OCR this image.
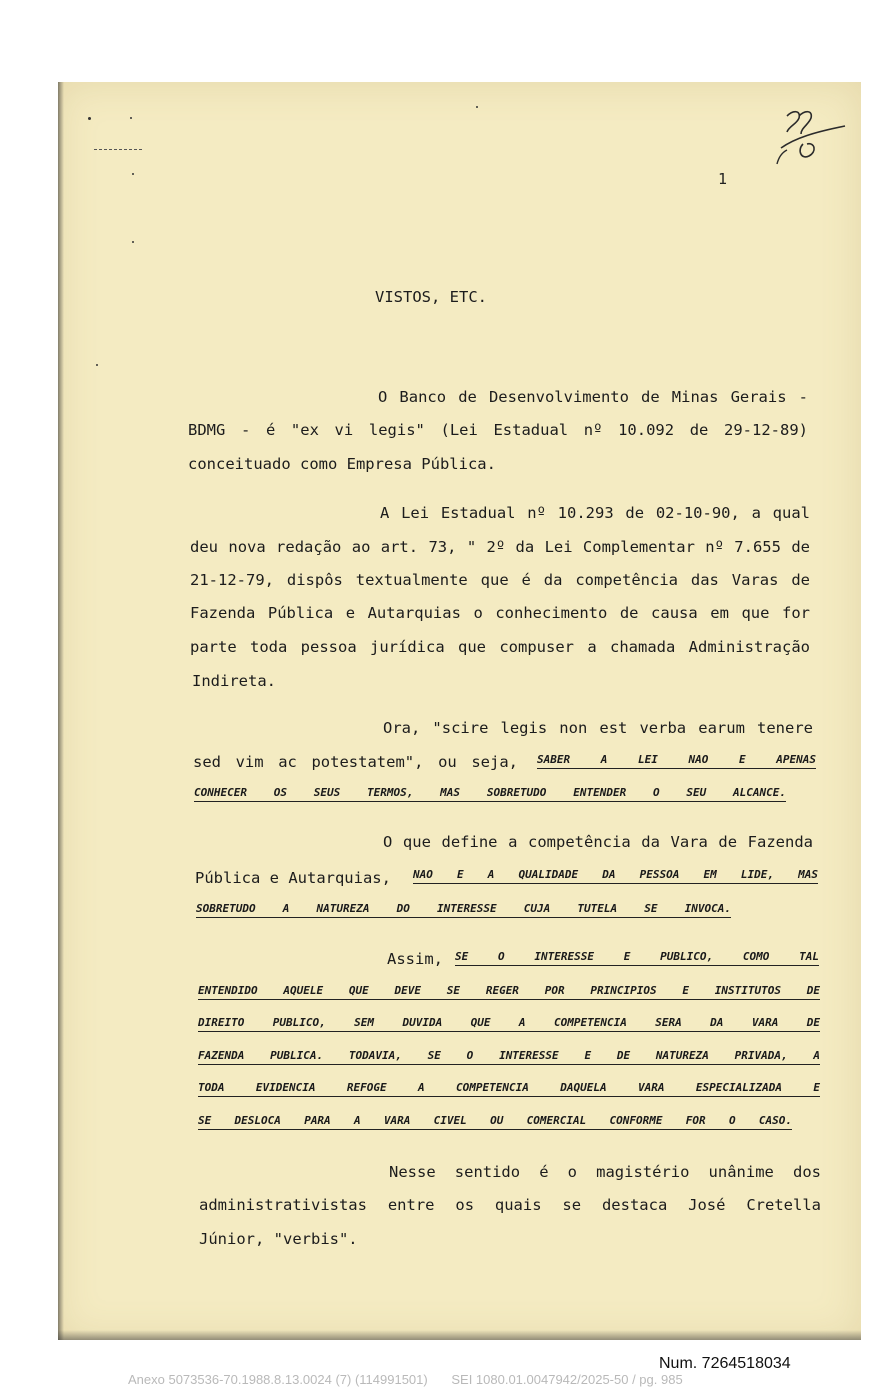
1

VISTOS, ETC.

O Banco de Desenvolvimento de Minas Gerais -

BDMG - é "ex vi legis" (Lei Estadual nº 10.092 de 29-12-89)

conceituado como Empresa Pública.

A Lei Estadual nº 10.293 de 02-10-90, a qual

deu nova redação ao art. 73, " 2º da Lei Complementar nº 7.655 de

21-12-79, dispôs textualmente que é da competência das Varas de

Fazenda Pública e Autarquias o conhecimento de causa em que for

parte toda pessoa jurídica que compuser a chamada Administração

Indireta.

Ora, "scire legis non est verba earum tenere

sed vim ac potestatem", ou seja, SABER A LEI NAO E APENAS

CONHECER OS SEUS TERMOS, MAS SOBRETUDO ENTENDER O SEU ALCANCE.

O que define a competência da Vara de Fazenda

Pública e Autarquias, NAO E A QUALIDADE DA PESSOA EM LIDE, MAS

SOBRETUDO A NATUREZA DO INTERESSE CUJA TUTELA SE INVOCA.

Assim, SE O INTERESSE E PUBLICO, COMO TAL

ENTENDIDO AQUELE QUE DEVE SE REGER POR PRINCIPIOS E INSTITUTOS DE

DIREITO PUBLICO, SEM DUVIDA QUE A COMPETENCIA SERA DA VARA DE

FAZENDA PUBLICA. TODAVIA, SE O INTERESSE E DE NATUREZA PRIVADA, A

TODA EVIDENCIA REFOGE A COMPETENCIA DAQUELA VARA ESPECIALIZADA E

SE DESLOCA PARA A VARA CIVEL OU COMERCIAL CONFORME FOR O CASO.

Nesse sentido é o magistério unânime dos

administrativistas entre os quais se destaca José Cretella

Júnior, "verbis".

Num. 7264518034
Anexo 5073536-70.1988.8.13.0024 (7) (114991501) SEI 1080.01.0047942/2025-50 / pg. 985
